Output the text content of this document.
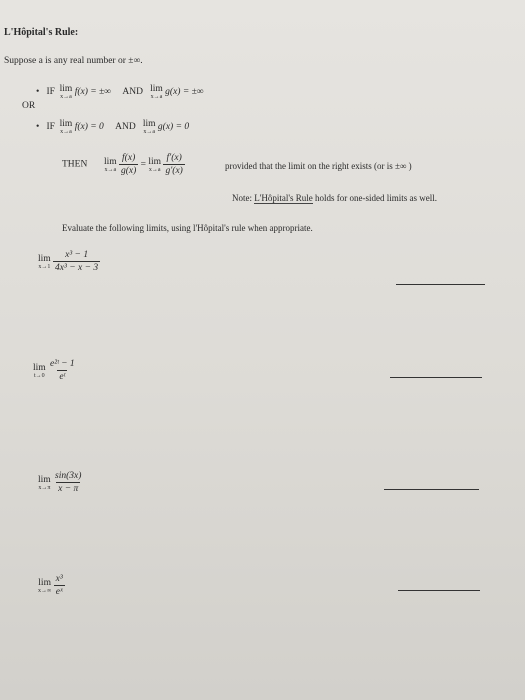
L'Hôpital's Rule:
Suppose a is any real number or ±∞.
• IF lim
x→a f(x) = ±∞ AND lim
x→a g(x) = ±∞
OR
• IF lim
x→a f(x) = 0 AND lim
x→a g(x) = 0
THEN lim
x→a
$\frac{f(x)}{g(x)} = \lim$
x→a
$\frac{f'(x)}{g'(x)}$	provided that the limit on the right exists (or is ±∞ )
Note: L'Hôpital's Rule holds for one-sided limits as well.
Evaluate the following limits, using l'Hôpital's rule when appropriate.
lim
x→1
$\frac{\text{x³ − 1}}{\text{4x³ − x − 3}}$
lim
t→0
$\frac{\text{e²ᵗ − 1}}{\text{eᵗ}}$
lim
x→π
$\frac{\sin(3x)}{x - \pi}$
lim
x→∞
$\frac{\text{x³}}{\text{eˣ}}$
